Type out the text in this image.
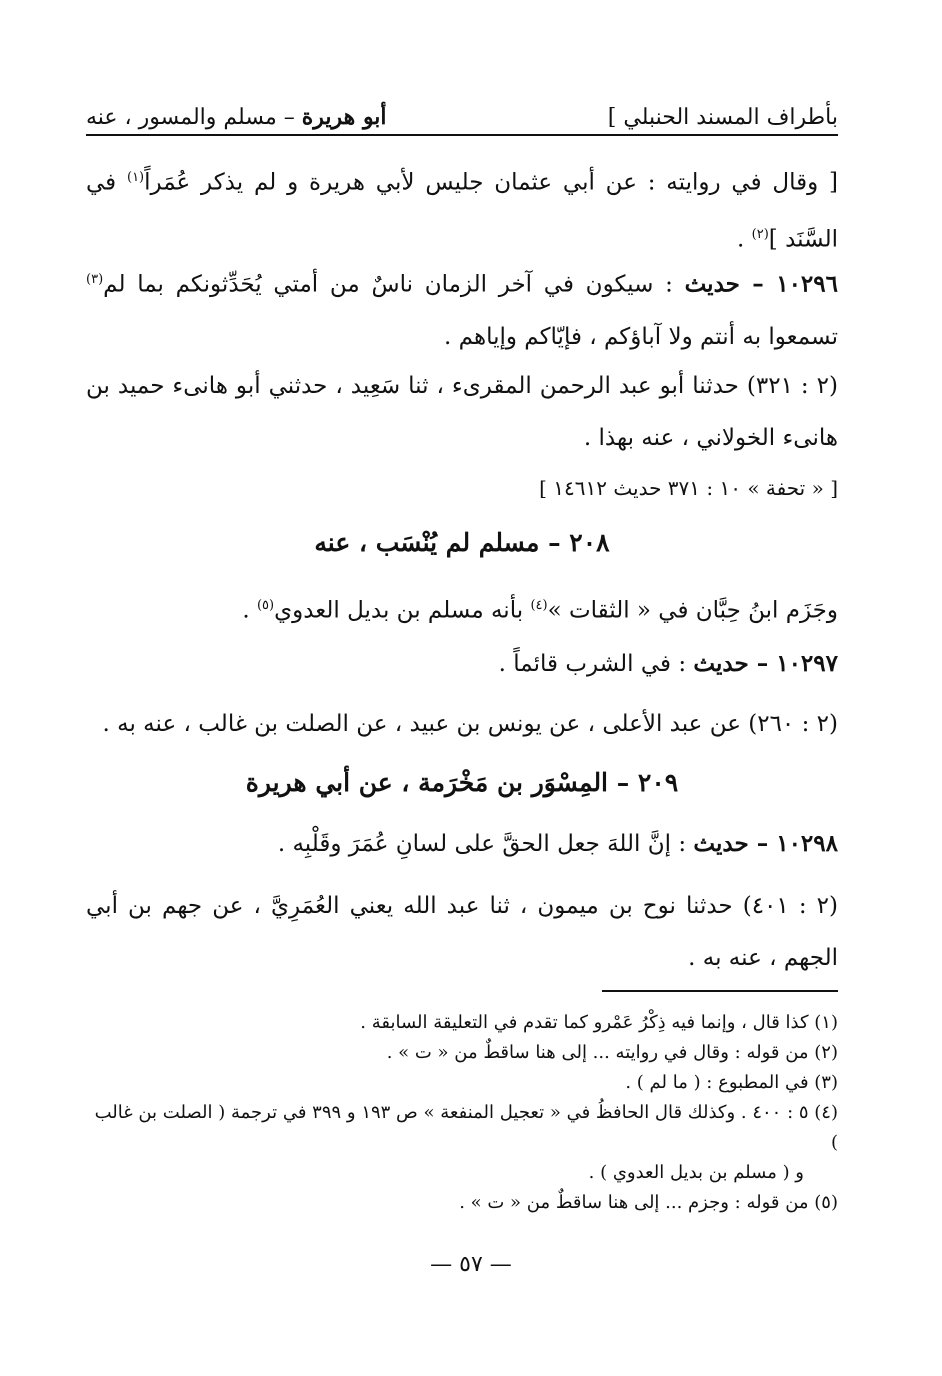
بأطراف المسند الحنبلي ]
أبو هريرة – مسلم والمسور ، عنه
[ وقال في روايته : عن أبي عثمان جليس لأبي هريرة و لم يذكر عُمَراً$^{(١)}$ في السَّنَد ]$^{(٢)}$ .
١٠٢٩٦ – حديث : سيكون في آخر الزمان ناسٌ من أمتي يُحَدِّثونكم بما لم$^{(٣)}$ تسمعوا به أنتم ولا آباؤكم ، فإيّاكم وإياهم .
(٢ : ٣٢١) حدثنا أبو عبد الرحمن المقرىء ، ثنا سَعِيد ، حدثني أبو هانىء حميد بن هانىء الخولاني ، عنه بهذا .
[ « تحفة » ١٠ : ٣٧١ حديث ١٤٦١٢ ]
٢٠٨ – مسلم لم يُنْسَب ، عنه
وجَزَم ابنُ حِبَّان في « الثقات »$^{(٤)}$ بأنه مسلم بن بديل العدوي$^{(٥)}$ .
١٠٢٩٧ – حديث : في الشرب قائماً .
(٢ : ٢٦٠) عن عبد الأعلى ، عن يونس بن عبيد ، عن الصلت بن غالب ، عنه به .
٢٠٩ – المِسْوَر بن مَخْرَمة ، عن أبي هريرة
١٠٢٩٨ – حديث : إنَّ اللهَ جعل الحقَّ على لسانِ عُمَرَ وقَلْبِه .
(٢ : ٤٠١) حدثنا نوح بن ميمون ، ثنا عبد الله يعني العُمَرِيَّ ، عن جهم بن أبي الجهم ، عنه به .

(١) كذا قال ، وإنما فيه ذِكْرُ عَمْرو كما تقدم في التعليقة السابقة .

(٢) من قوله : وقال في روايته ... إلى هنا ساقطٌ من « ت » .

(٣) في المطبوع : ( ما لم ) .

(٤) ٥ : ٤٠٠ . وكذلك قال الحافظُ في « تعجيل المنفعة » ص ١٩٣ و ٣٩٩ في ترجمة ( الصلت بن غالب )

و ( مسلم بن بديل العدوي ) .

(٥) من قوله : وجزم ... إلى هنا ساقطٌ من « ت » .

— ٥٧ —
